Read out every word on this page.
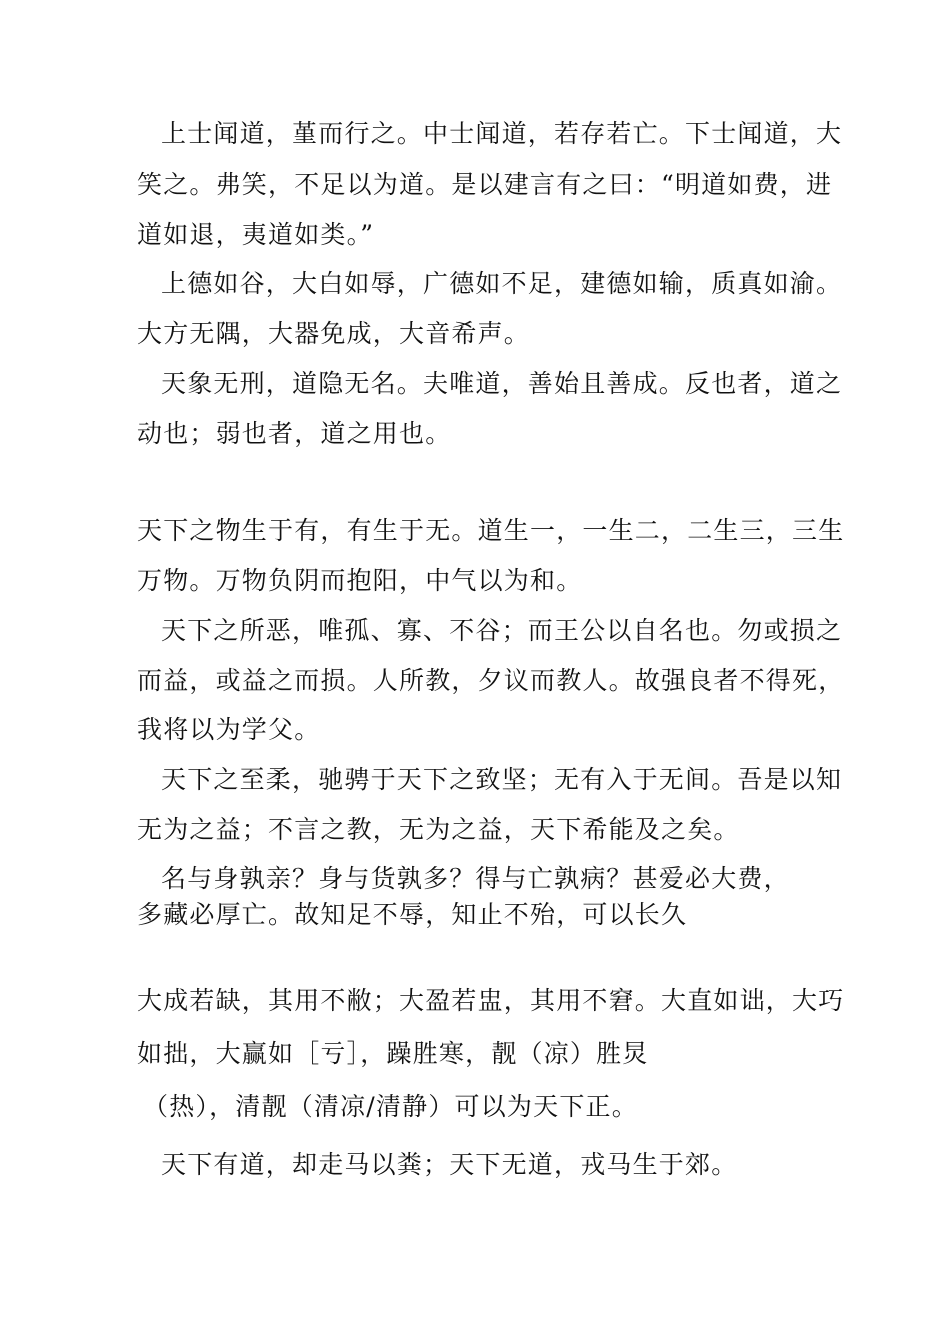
上士闻道，堇而行之。中士闻道，若存若亡。下士闻道，大
笑之。弗笑，不足以为道。是以建言有之曰：“明道如费，进
道如退，夷道如类。”
上德如谷，大白如辱，广德如不足，建德如输，质真如渝。
大方无隅，大器免成，大音希声。
天象无刑，道隐无名。夫唯道，善始且善成。反也者，道之
动也；弱也者，道之用也。
天下之物生于有，有生于无。道生一，一生二，二生三，三生
万物。万物负阴而抱阳，中气以为和。
天下之所恶，唯孤、寡、不谷；而王公以自名也。勿或损之
而益，或益之而损。人所教，夕议而教人。故强良者不得死，
我将以为学父。
天下之至柔，驰骋于天下之致坚；无有入于无间。吾是以知
无为之益；不言之教，无为之益，天下希能及之矣。
名与身孰亲？身与货孰多？得与亡孰病？甚爱必大费，
多藏必厚亡。故知足不辱，知止不殆，可以长久
大成若缺，其用不敝；大盈若盅，其用不窘。大直如诎，大巧
如拙，大赢如［亏］，躁胜寒，靓（凉）胜炅
（热），清靓（清凉/清静）可以为天下正。
天下有道，却走马以粪；天下无道，戎马生于郊。
